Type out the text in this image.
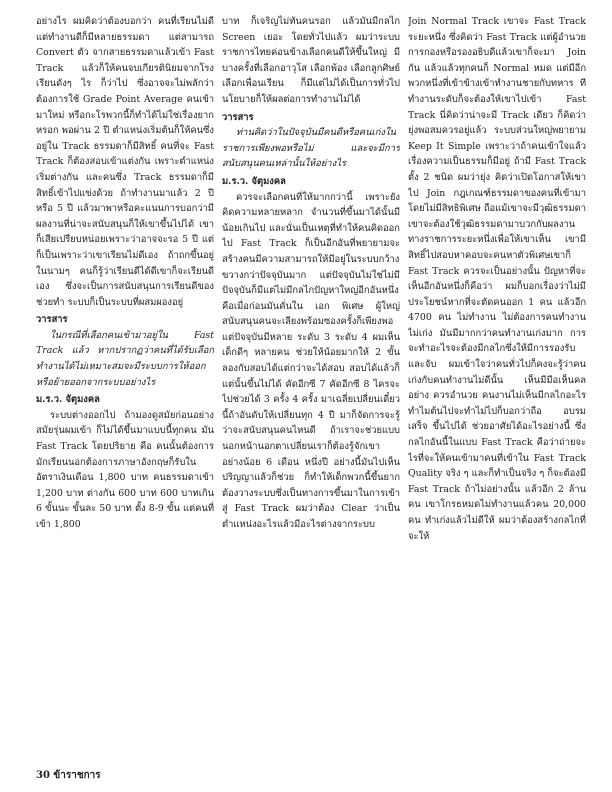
อย่างไร ผมคิดว่าต้องบอกว่า คนที่เรียนไม่ดีแต่ทำงานดีก็มีหลายธรรมดา แต่สามารถ Convert ตัว จากสายธรรมดาแล้วเข้า Fast Track แล้วก็ให้คนจบเกียรตินิยมจากโรงเรียนดังๆ ไร ก็ว่าไป ซึ่งอาจจะไม่พลักว่าต้องการใช้ Grade Point Average คนเข้ามาใหม่ หรือกะโรพวกนี้ก็ทำได้ไม่ใช่เรื่องยาก หรอก พอผ่าน 2 ปี ตำแหน่งเริ่มต้นก็ให้คนซึ่งอยู่ใน Track ธรรมดาก็มีสิทธิ์ คนที่จะ Fast Track ก็ต้องสอบเข้าแต่งกัน เพราะตำแหน่งเริ่มต่างกัน และคนซึ่ง Track ธรรมดาก็มีสิทธิ์เข้าไปแข่งด้วย ถ้าทำงานมาแล้ว 2 ปี หรือ 5 ปี แล้วมาพาหรือคะแนนการบอกว่ามีผลงานที่น่าจะสนับสนุนก็ให้เขาขึ้นไปได้ เขาก็เสียเปรียบหน่อยเพราะว่าอาจจะรอ 5 ปี แต่ก็เป็นเพราะว่าเขาเรียนไม่ดีเอง ถ้าถกขึ้นอยู่ในนามๆ คนก็รู้ว่าเรียนดีได้ดีเขาก็จะเรียนดีเอง ซึ่งจะเป็นการสนับสนุนการเรียนดีของช่วยทำ ระบบก็เป็นระบบที่ผสมผองอยู่

วารสาร

ในกรณีที่เลือกคนเข้ามาอยู่ใน Fast Track แล้ว หากปรากฏว่าคนที่ได้รับเลือกทำงานได้ไม่เหมาะสมจะมีระบบการให้ออกหรือย้ายออกจากระบบอย่างไร

ม.ร.ว. จัตุมงคล

ระบบต่างออกไป ถ้ามองดูสมัยก่อนอย่างสมัยรุ่นผมเข้า ก็ไม่ได้ขึ้นมาแบบนี้ทุกคน มัน Fast Track โดยปริยาย คือ คนนั้นต้องการมักเรียนนอกต้องการภาษาอังกฤษก็รับในอัตราเงินเดือน 1,800 บาท คนธรรมดาเข้า 1,200 บาท ต่างกัน 600 บาท 600 บาทเกิน 6 ขั้นนะ ขั้นละ 50 บาท ตั้ง 8-9 ขั้น แต่คนที่เข้า 1,800

บาท ก็เจริญไม่ทันคนรอก แล้วมันมีกลไก Screen เยอะ โดยทั่วไปแล้ว ผมว่าระบบราชการไทยค่อนข้างเลือกคนดีให้ขึ้นใหญ่ มีบางครั้งที่เลือกอาวุโส เลือกพ้อง เลือกลูกศิษย์ เลือกเพื่อนเรียน ก็มีแต่ไม่ได้เป็นการทั่วไป นโยบายก็ให้ผลต่อการทำงานไม่ได้

วารสาร

ท่านคิดว่าในปัจจุบันมีคนดีหรือคนเก่งในราชการเพียงพอหรือไม่ และจะมีการสนับสนุนคนเหล่านั้นให้อย่างไร

ม.ร.ว. จัตุมงคล

ควรจะเลือกคนที่ให้มากกว่านี้ เพราะยังคิดความหลายหลาก จำนวนที่ขึ้นมาได้นั้นมีน้อยเกินไป และนั่นเป็นเหตุที่ทำให้คนคิดออกไป Fast Track ก็เป็นอีกอันที่พยายามจะสร้างคนมีความสามารถให้มีอยู่ในระบบกว้างขวางกว่าปัจจุบันมาก แต่ปัจจุบันไม่ใช่ไม่มี ปัจจุบันก็มีแต่ไม่มีกลไกปัญหาใหญ่อีกอันหนึ่งคือเมื่อก่อนมันคั่นใน เอก พิเศษ ผู้ใหญ่สนับสนุนคนจะเลียงพร้อมซองครั้งก็เพียงพอ แต่ปัจจุบันมีหลาย ระดับ 3 ระดับ 4 ผมเห็นเด็กดีๆ หลายคน ช่วยให้น้อยมากให้ 2 ขั้น ลองกับสอบได้แต่กว่าจะได้สอบ สอบได้แล้วก็แต่นั้นขึ้นไม่ได้ คัดอีกซี 7 คัดอีกซี 8 ไครจะไปช่วยได้ 3 ครั้ง 4 ครั้ง มาเฉลี่ยเปลี่ยนเดี๋ยวนี้ถ้าอันดับให้เปลี่ยนทุก 4 ปี มาก็จัดการจะรู้ว่าจะสนับสนุนคนไหนดี ถ้าเราจะช่วยแบบนอกหน้านอกตาเปลี่ยนเราก็ต้องรู้จักเขาอย่างน้อย 6 เดือน หนึ่งปี อย่างนี้มันไปเห็นปริญญาแล้วก็ช่วย ก็ทำให้เด็กพวกนี้ขึ้นยาก ต้องวางระบบซึ่งเป็นทางการขึ้นมาในการเข้าสู่ Fast Track ผมว่าต้อง Clear ว่าเป็นตำแหน่งอะไรแล้วมีอะไรต่างจากระบบ

Join Normal Track เขาจะ Fast Track ระยะหนึ่ง ซึ่งคิดว่า Fast Track แต่ผู้อำนวยการกองหรือรองอธิบดีแล้วเขาก็จะมา Join กัน แล้วแล้วทุกคนก็ Normal หมด แต่มีอีกพวกหนึ่งที่เข้าข้างเข้าทำงานชายกับทหาร ทีทำงานระดับก็จะต้องให้เขาไปเข้า Fast Track นี่คิดว่าน่าจะมี Track เดียว ก็คิดว่ายุ่งพอสมควรอยู่แล้ว ระบบส่วนใหญ่พยายาม Keep It Simple เพราะว่าถ้าคนเข้าใจแล้วเรื่องความเป็นธรรมก็มีอยู่ ถ้ามี Fast Track ตั้ง 2 ชนิด ผมว่ายุ่ง คิดว่าเปิดโอกาสให้เขาไป Join กฎเกณฑ์ธรรมดาของคนที่เข้ามาโดยไม่มีสิทธิพิเศษ ถือแม้เขาจะมีวุฒิธรรมดาเขาจะต้องใช้วุฒิธรรมดามาบวกกับผลงานทางราชการระยะหนึ่งเพื่อให้เขาเห็น เขามีสิทธิ์ไปสอบหาคอบจะคนหาตัวพิเศษเขาก็ Fast Track ควรจะเป็นอย่างนั้น ปัญหาที่จะเห็นอีกอันหนึ่งก็คือว่า ผมก็บอกเรื่องว่าไม่มีประโยชน์หากที่จะตัดคนออก 1 คน แล้วอีก 4700 คน ไม่ทำงาน ไม่ต้องการคนทำงานไม่เก่ง มันมีมากกว่าคนทำงานเก่งมาก การจะทำอะไรจะต้องมีกลไกซึ่งให้มีการรองรับและจับ ผมเข้าใจว่าคนทั่วไปก็คงจะรู้ว่าคนเก่งกับคนทำงานไม่ดีนั้น เห็นมีมีอเห็นคล อย่าง ควรอำนวย คนงานไม่เห็นมีกลไกอะไรทำไมต้นไปจะทำไม่ไปก็บอกว่าถือ อบรมเสร็จ ขึ้นไปได้ ช่วยอาศัยได้อะไรอย่างนี้ ซึ่งกลไกอันนี้ในแบบ Fast Track คือว่าถ่ายจะไรที่จะให้คนเข้ามาคนที่เข้าใน Fast Track Quality จริง ๆ และก็ทำเป็นจริง ๆ ก็จะต้องมี Fast Track ถ้าไม่อย่างนั้น แล้วอีก 2 ล้านคน เขาโกรธหมดไม่ทำงานแล้วคน 20,000 คน ทำเก่งแล้วไม่ดีให้ ผมว่าต้องสร้างกลไกที่จะให้

30 ข้าราชการ
